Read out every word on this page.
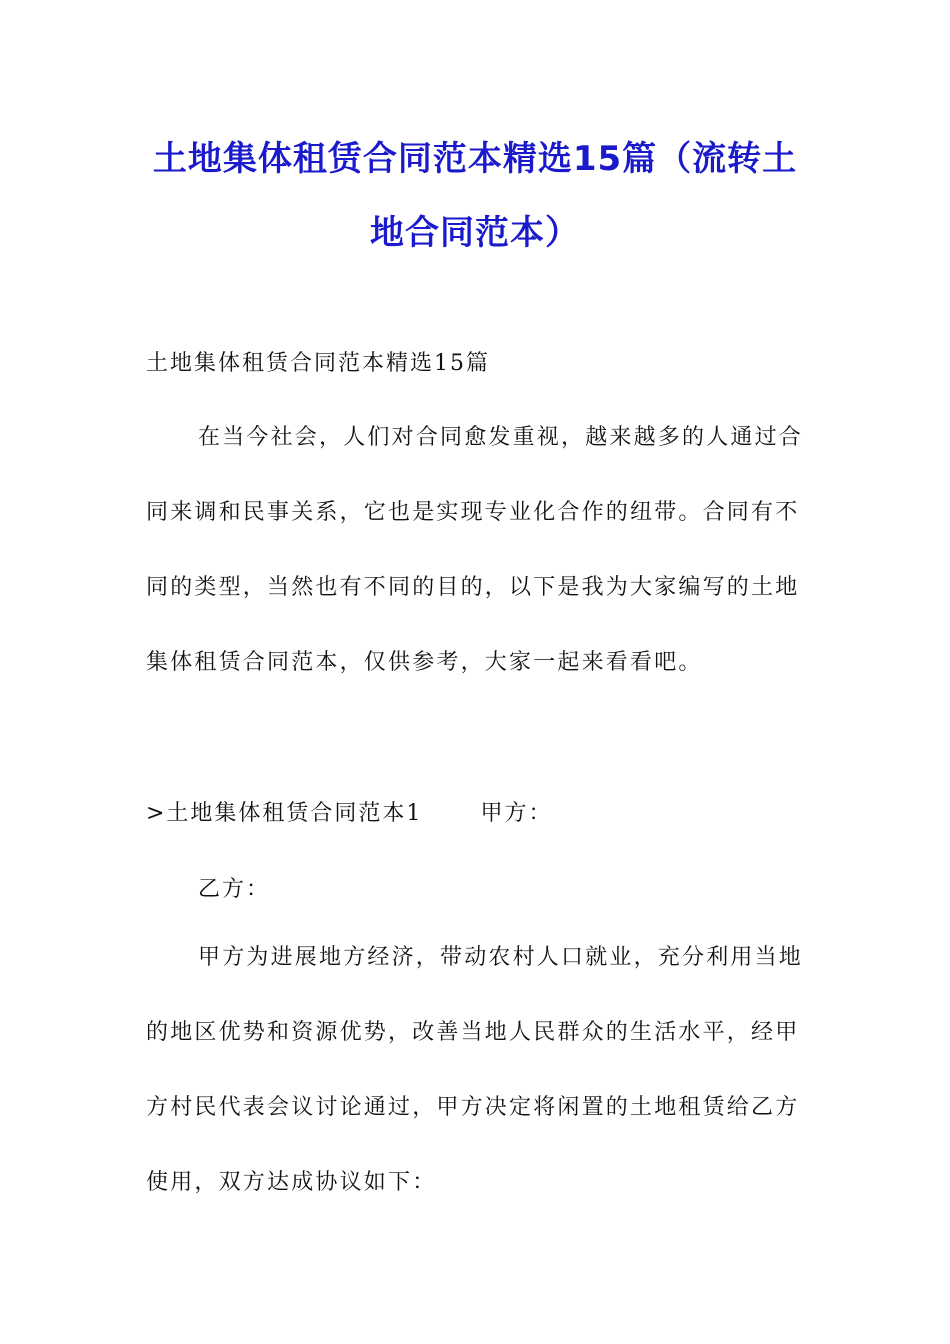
土地集体租赁合同范本精选15篇（流转土
地合同范本）

土地集体租赁合同范本精选15篇

在当今社会，人们对合同愈发重视，越来越多的人通过合
同来调和民事关系，它也是实现专业化合作的纽带。合同有不
同的类型，当然也有不同的目的，以下是我为大家编写的土地
集体租赁合同范本，仅供参考，大家一起来看看吧。

>土地集体租赁合同范本1	甲方：

乙方：

甲方为进展地方经济，带动农村人口就业，充分利用当地
的地区优势和资源优势，改善当地人民群众的生活水平，经甲
方村民代表会议讨论通过，甲方决定将闲置的土地租赁给乙方
使用，双方达成协议如下：
